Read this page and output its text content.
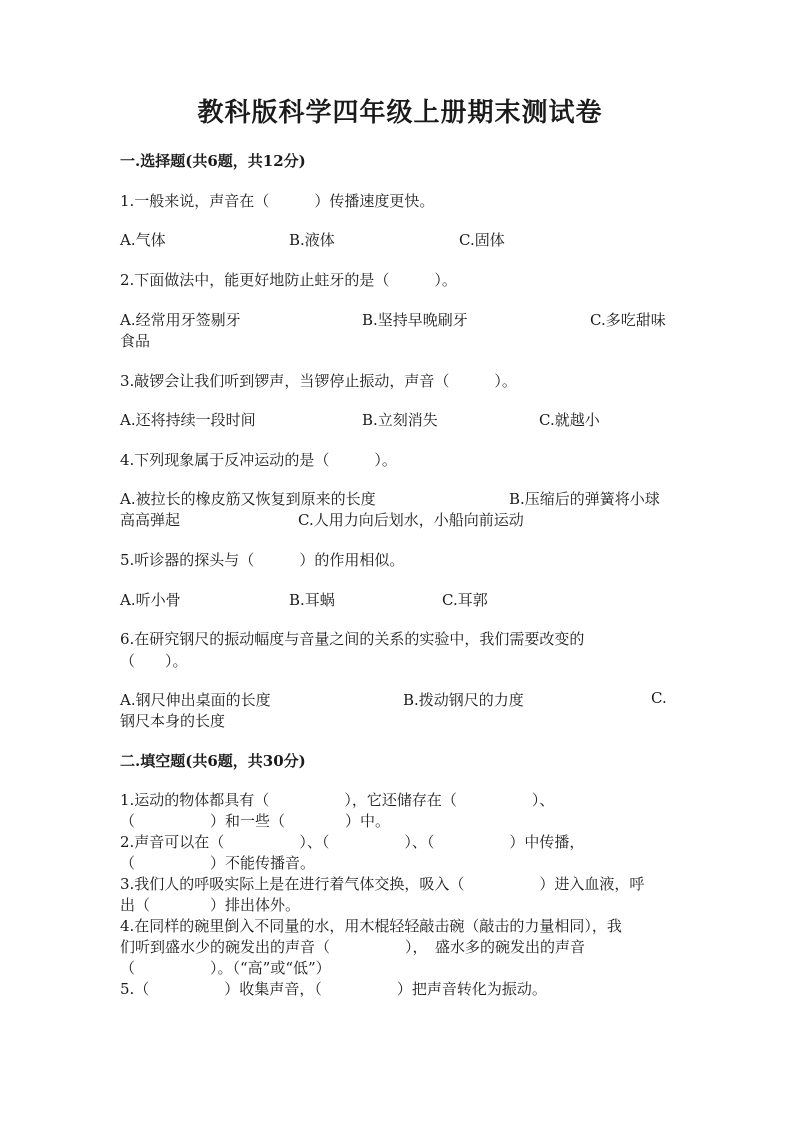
教科版科学四年级上册期末测试卷
一.选择题(共6题，共12分)
1.一般来说，声音在（　　　）传播速度更快。
A.气体	B.液体	C.固体
2.下面做法中，能更好地防止蛀牙的是（　　　）。
A.经常用牙签剔牙	B.坚持早晚刷牙	C.多吃甜味
食品
3.敲锣会让我们听到锣声，当锣停止振动，声音（　　　）。
A.还将持续一段时间	B.立刻消失	C.就越小
4.下列现象属于反冲运动的是（　　　）。
A.被拉长的橡皮筋又恢复到原来的长度	B.压缩后的弹簧将小球
高高弹起	C.人用力向后划水，小船向前运动
5.听诊器的探头与（　　　）的作用相似。
A.听小骨	B.耳蜗	C.耳郭
6.在研究钢尺的振动幅度与音量之间的关系的实验中，我们需要改变的
（　　）。
A.钢尺伸出桌面的长度	B.拨动钢尺的力度	C.
钢尺本身的长度
二.填空题(共6题，共30分)
1.运动的物体都具有（　　　　　），它还储存在（　　　　　）、
（　　　　　）和一些（　　　　）中。
2.声音可以在（　　　　　）、（　　　　　）、（　　　　　）中传播，
（　　　　　）不能传播音。
3.我们人的呼吸实际上是在进行着气体交换，吸入（　　　　　）进入血液，呼
出（　　　　）排出体外。
4.在同样的碗里倒入不同量的水，用木棍轻轻敲击碗（敲击的力量相同），我
们听到盛水少的碗发出的声音（　　　　　），　盛水多的碗发出的声音
（　　　　　）。（“高”或“低”）
5.（　　　　　）收集声音，（　　　　　）把声音转化为振动。
